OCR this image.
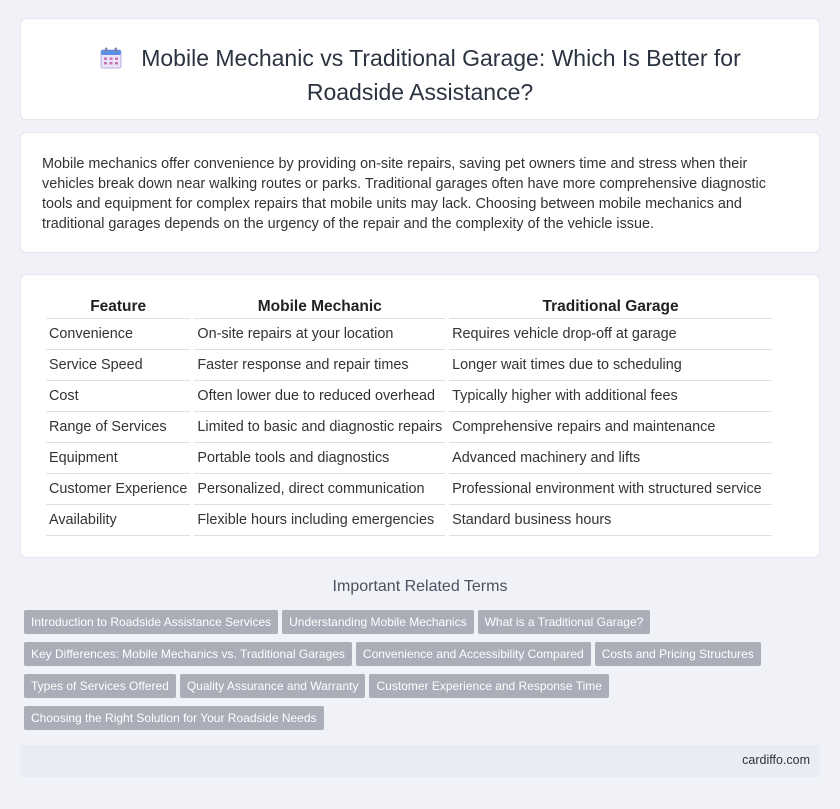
Mobile Mechanic vs Traditional Garage: Which Is Better for Roadside Assistance?
Mobile mechanics offer convenience by providing on-site repairs, saving pet owners time and stress when their vehicles break down near walking routes or parks. Traditional garages often have more comprehensive diagnostic tools and equipment for complex repairs that mobile units may lack. Choosing between mobile mechanics and traditional garages depends on the urgency of the repair and the complexity of the vehicle issue.
Feature	Mobile Mechanic	Traditional Garage
Convenience	On-site repairs at your location	Requires vehicle drop-off at garage
Service Speed	Faster response and repair times	Longer wait times due to scheduling
Cost	Often lower due to reduced overhead	Typically higher with additional fees
Range of Services	Limited to basic and diagnostic repairs	Comprehensive repairs and maintenance
Equipment	Portable tools and diagnostics	Advanced machinery and lifts
Customer Experience	Personalized, direct communication	Professional environment with structured service
Availability	Flexible hours including emergencies	Standard business hours
Important Related Terms
Introduction to Roadside Assistance Services Understanding Mobile Mechanics What is a Traditional Garage?
Key Differences: Mobile Mechanics vs. Traditional Garages Convenience and Accessibility Compared Costs and Pricing Structures
Types of Services Offered Quality Assurance and Warranty Customer Experience and Response Time
Choosing the Right Solution for Your Roadside Needs
cardiffo.com
